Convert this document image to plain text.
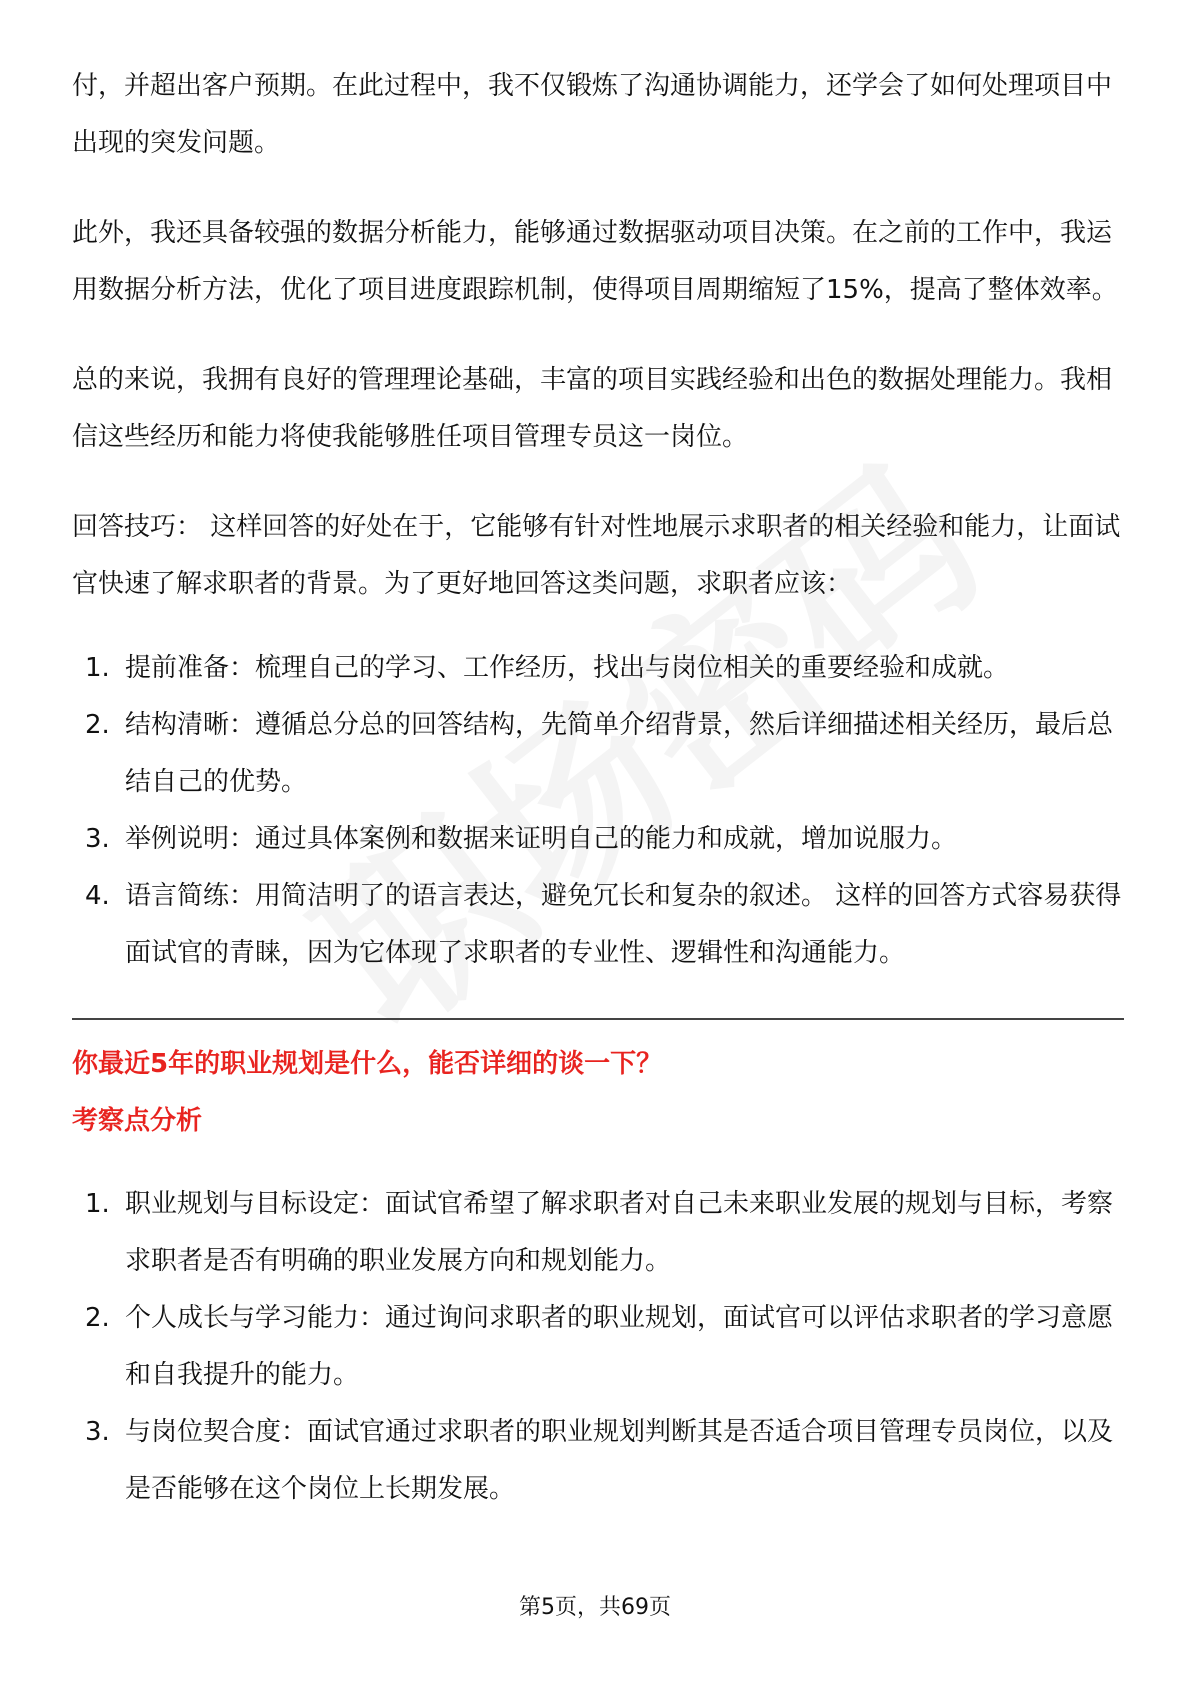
付，并超出客户预期。在此过程中，我不仅锻炼了沟通协调能力，还学会了如何处理项目中出现的突发问题。

此外，我还具备较强的数据分析能力，能够通过数据驱动项目决策。在之前的工作中，我运用数据分析方法，优化了项目进度跟踪机制，使得项目周期缩短了15%，提高了整体效率。

总的来说，我拥有良好的管理理论基础，丰富的项目实践经验和出色的数据处理能力。我相信这些经历和能力将使我能够胜任项目管理专员这一岗位。

回答技巧： 这样回答的好处在于，它能够有针对性地展示求职者的相关经验和能力，让面试官快速了解求职者的背景。为了更好地回答这类问题，求职者应该：

1. 提前准备：梳理自己的学习、工作经历，找出与岗位相关的重要经验和成就。
2. 结构清晰：遵循总分总的回答结构，先简单介绍背景，然后详细描述相关经历，最后总结自己的优势。
3. 举例说明：通过具体案例和数据来证明自己的能力和成就，增加说服力。
4. 语言简练：用简洁明了的语言表达，避免冗长和复杂的叙述。 这样的回答方式容易获得面试官的青睐，因为它体现了求职者的专业性、逻辑性和沟通能力。
你最近5年的职业规划是什么，能否详细的谈一下？
考察点分析
1. 职业规划与目标设定：面试官希望了解求职者对自己未来职业发展的规划与目标，考察求职者是否有明确的职业发展方向和规划能力。
2. 个人成长与学习能力：通过询问求职者的职业规划，面试官可以评估求职者的学习意愿和自我提升的能力。
3. 与岗位契合度：面试官通过求职者的职业规划判断其是否适合项目管理专员岗位，以及是否能够在这个岗位上长期发展。
第5页，共69页
